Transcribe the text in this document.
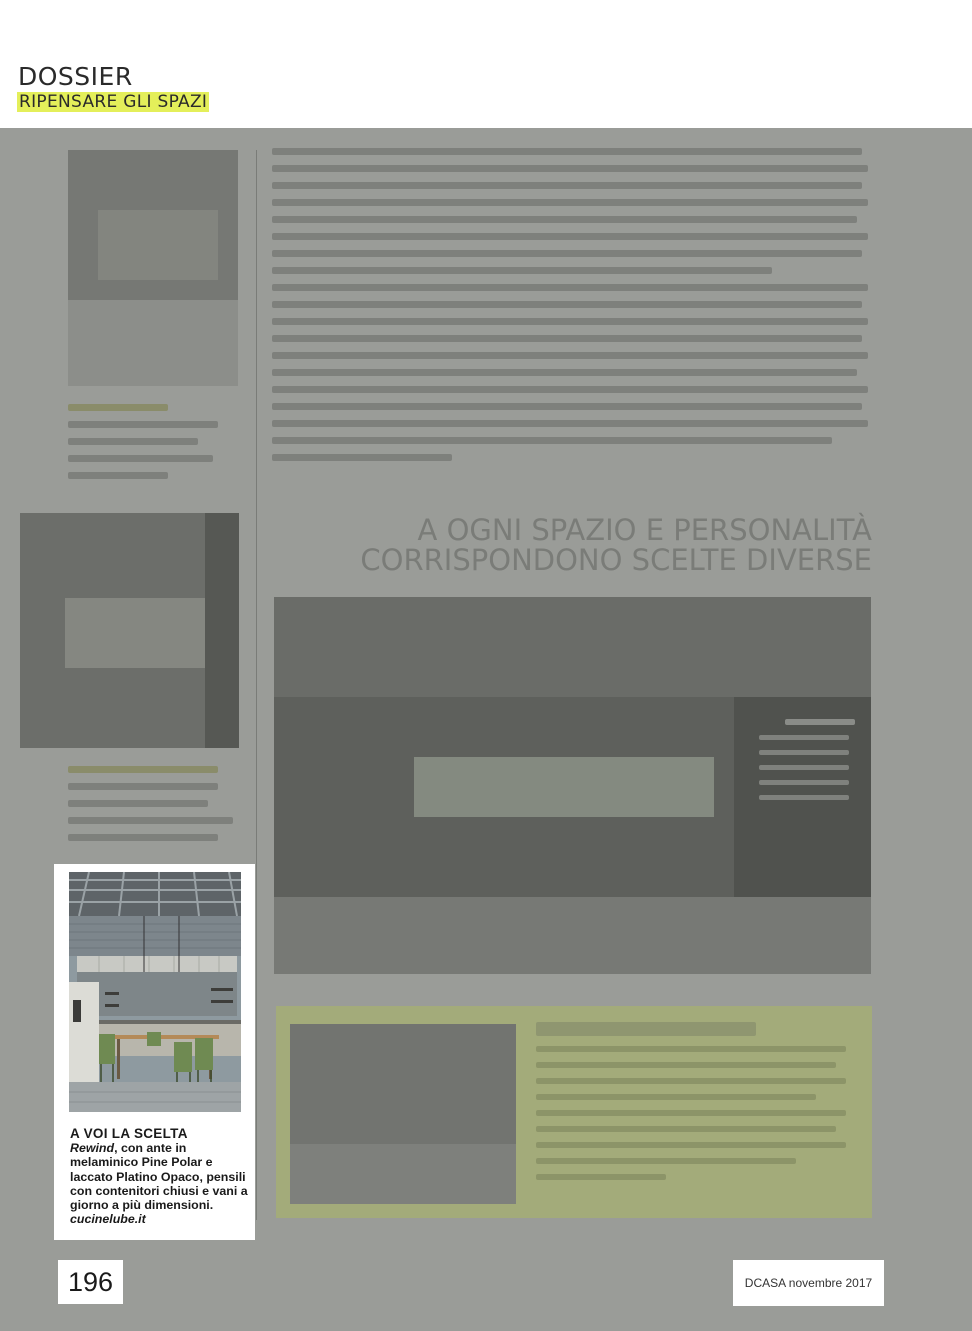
DOSSIER
RIPENSARE GLI SPAZI
A OGNI SPAZIO E PERSONALITÀ
CORRISPONDONO SCELTE DIVERSE
A VOI LA SCELTA
Rewind, con ante in melaminico Pine Polar e laccato Platino Opaco, pensili con contenitori chiusi e vani a giorno a più dimensioni. cucinelube.it
196	DCASA novembre 2017
